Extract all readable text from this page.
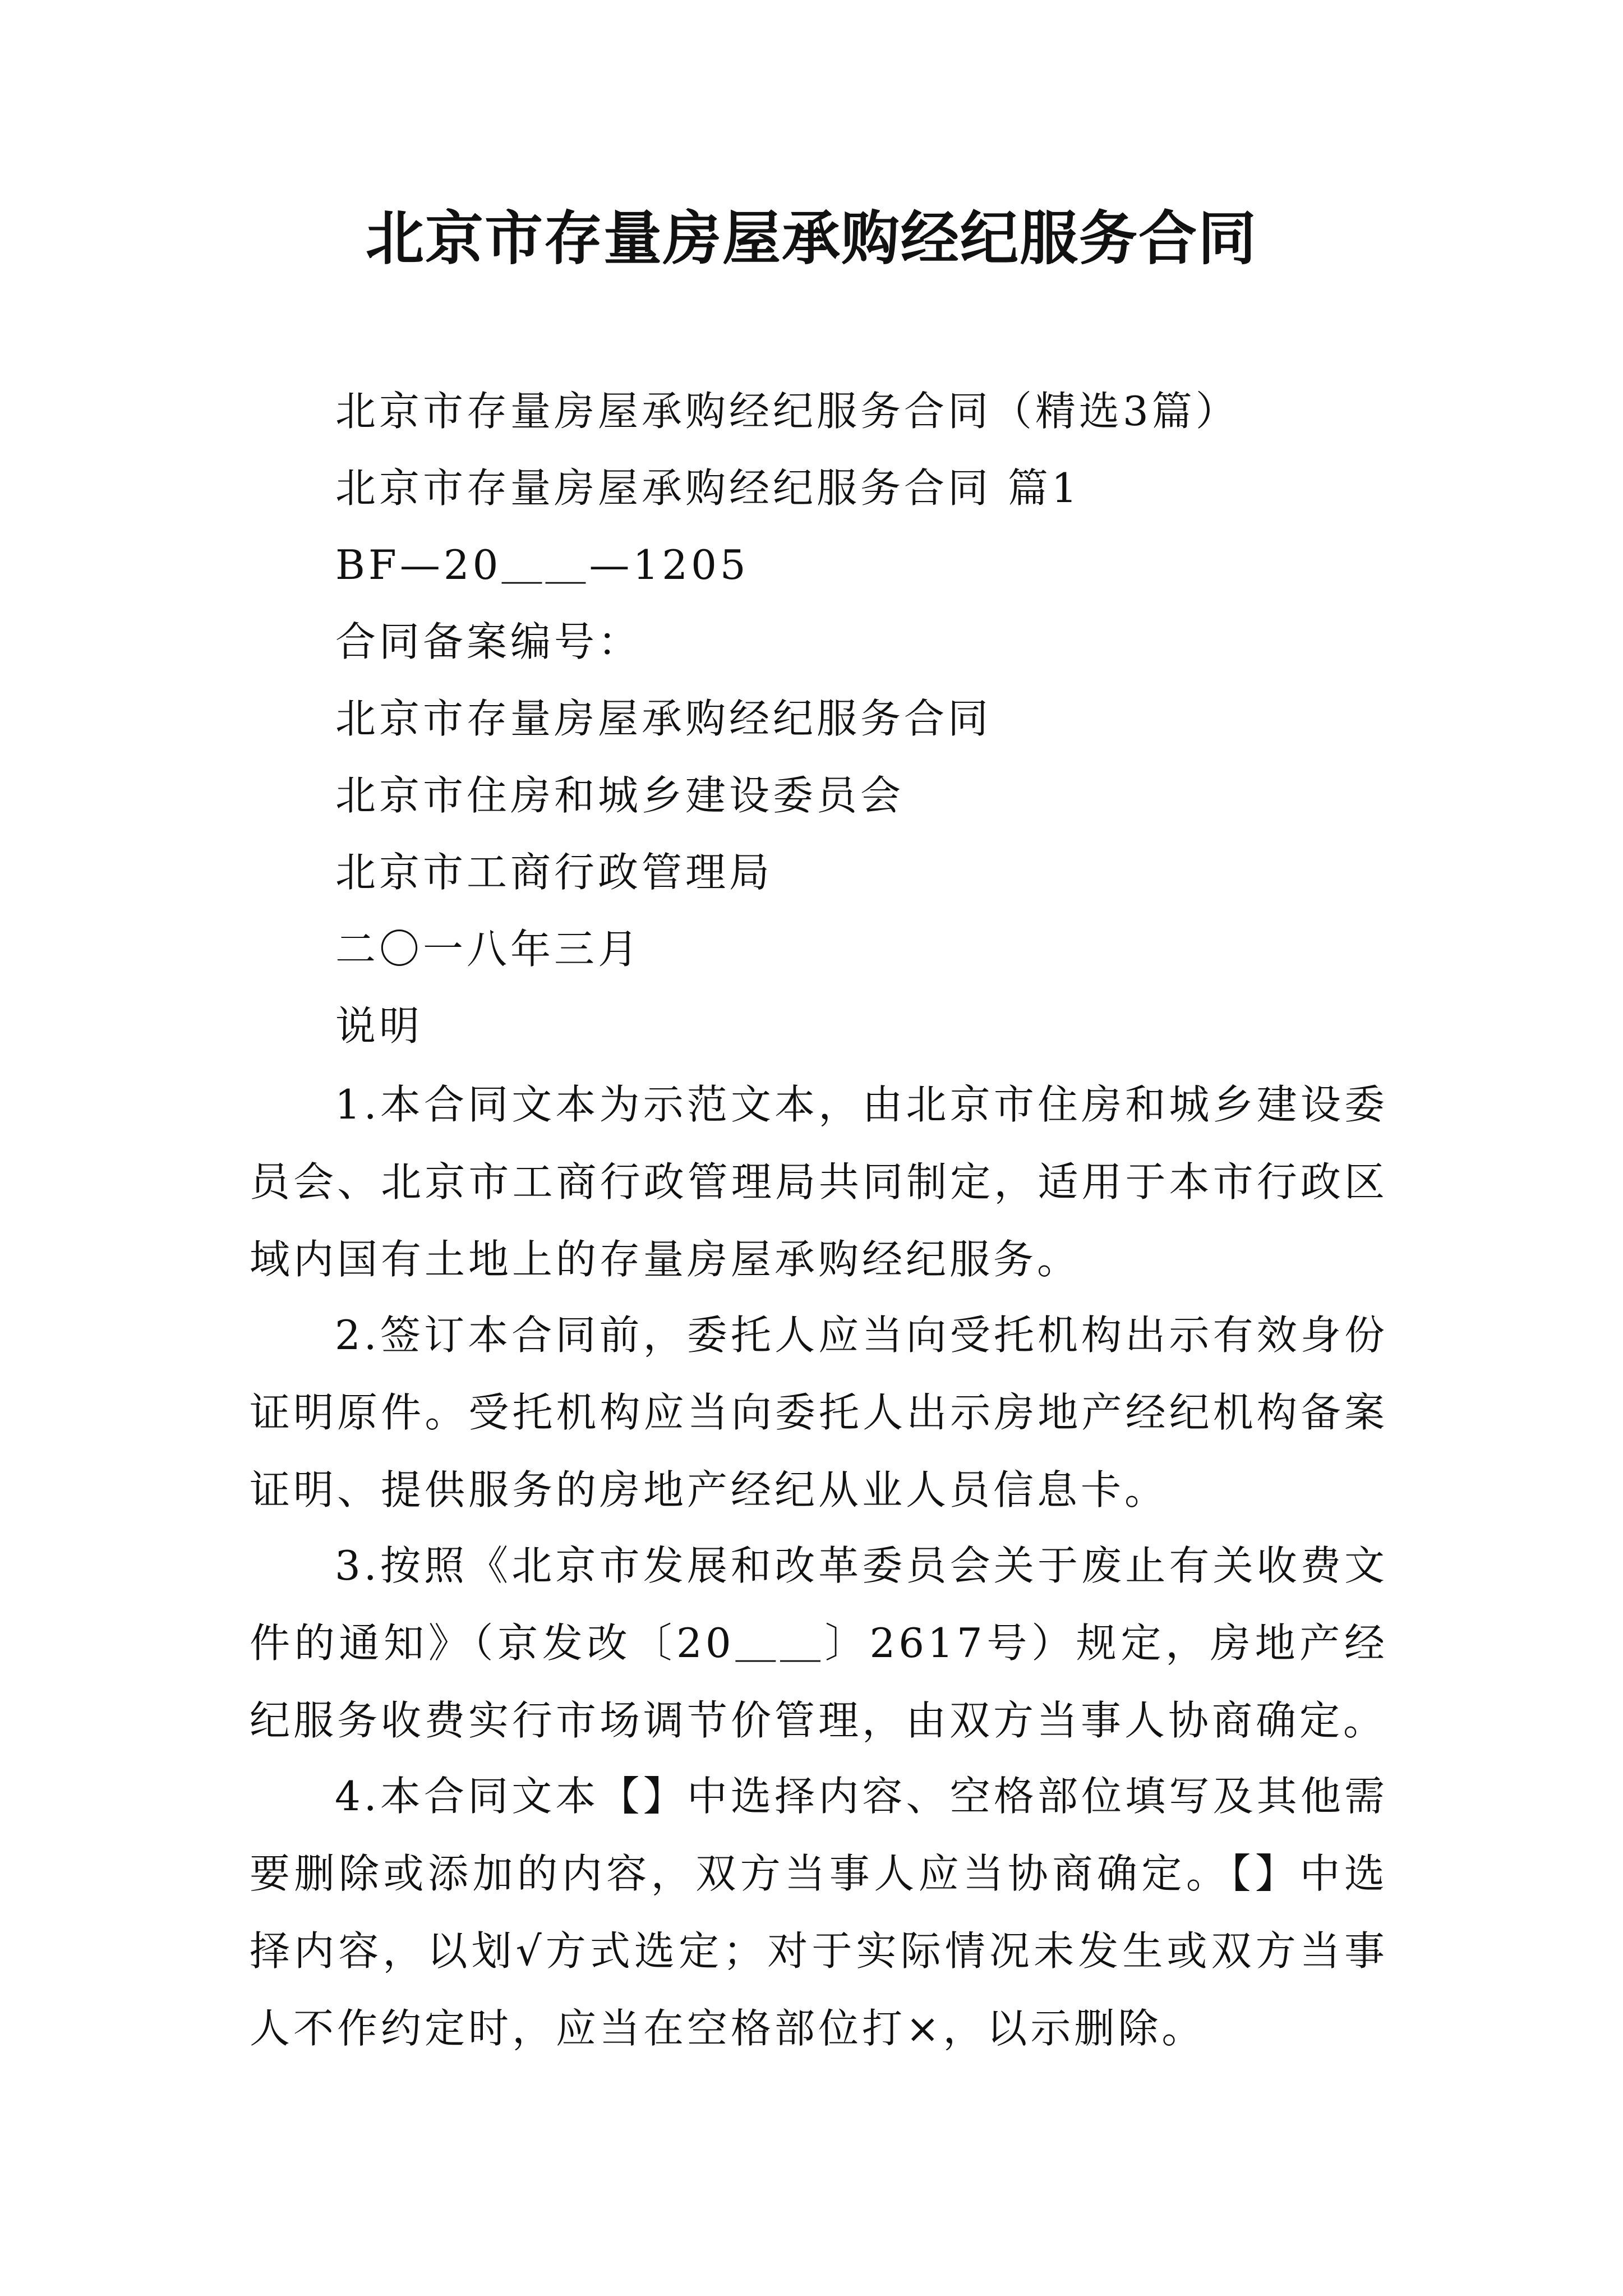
北京市存量房屋承购经纪服务合同
北京市存量房屋承购经纪服务合同（精选3篇）
北京市存量房屋承购经纪服务合同 篇1
BF—20＿＿—1205
合同备案编号：
北京市存量房屋承购经纪服务合同
北京市住房和城乡建设委员会
北京市工商行政管理局
二〇一八年三月
说明
1.本合同文本为示范文本，由北京市住房和城乡建设委员会、北京市工商行政管理局共同制定，适用于本市行政区域内国有土地上的存量房屋承购经纪服务。
2.签订本合同前，委托人应当向受托机构出示有效身份证明原件。受托机构应当向委托人出示房地产经纪机构备案证明、提供服务的房地产经纪从业人员信息卡。
3.按照《北京市发展和改革委员会关于废止有关收费文件的通知》（京发改〔20＿＿〕2617号）规定，房地产经纪服务收费实行市场调节价管理，由双方当事人协商确定。
4.本合同文本【】中选择内容、空格部位填写及其他需要删除或添加的内容，双方当事人应当协商确定。【】中选择内容，以划√方式选定；对于实际情况未发生或双方当事人不作约定时，应当在空格部位打×，以示删除。
